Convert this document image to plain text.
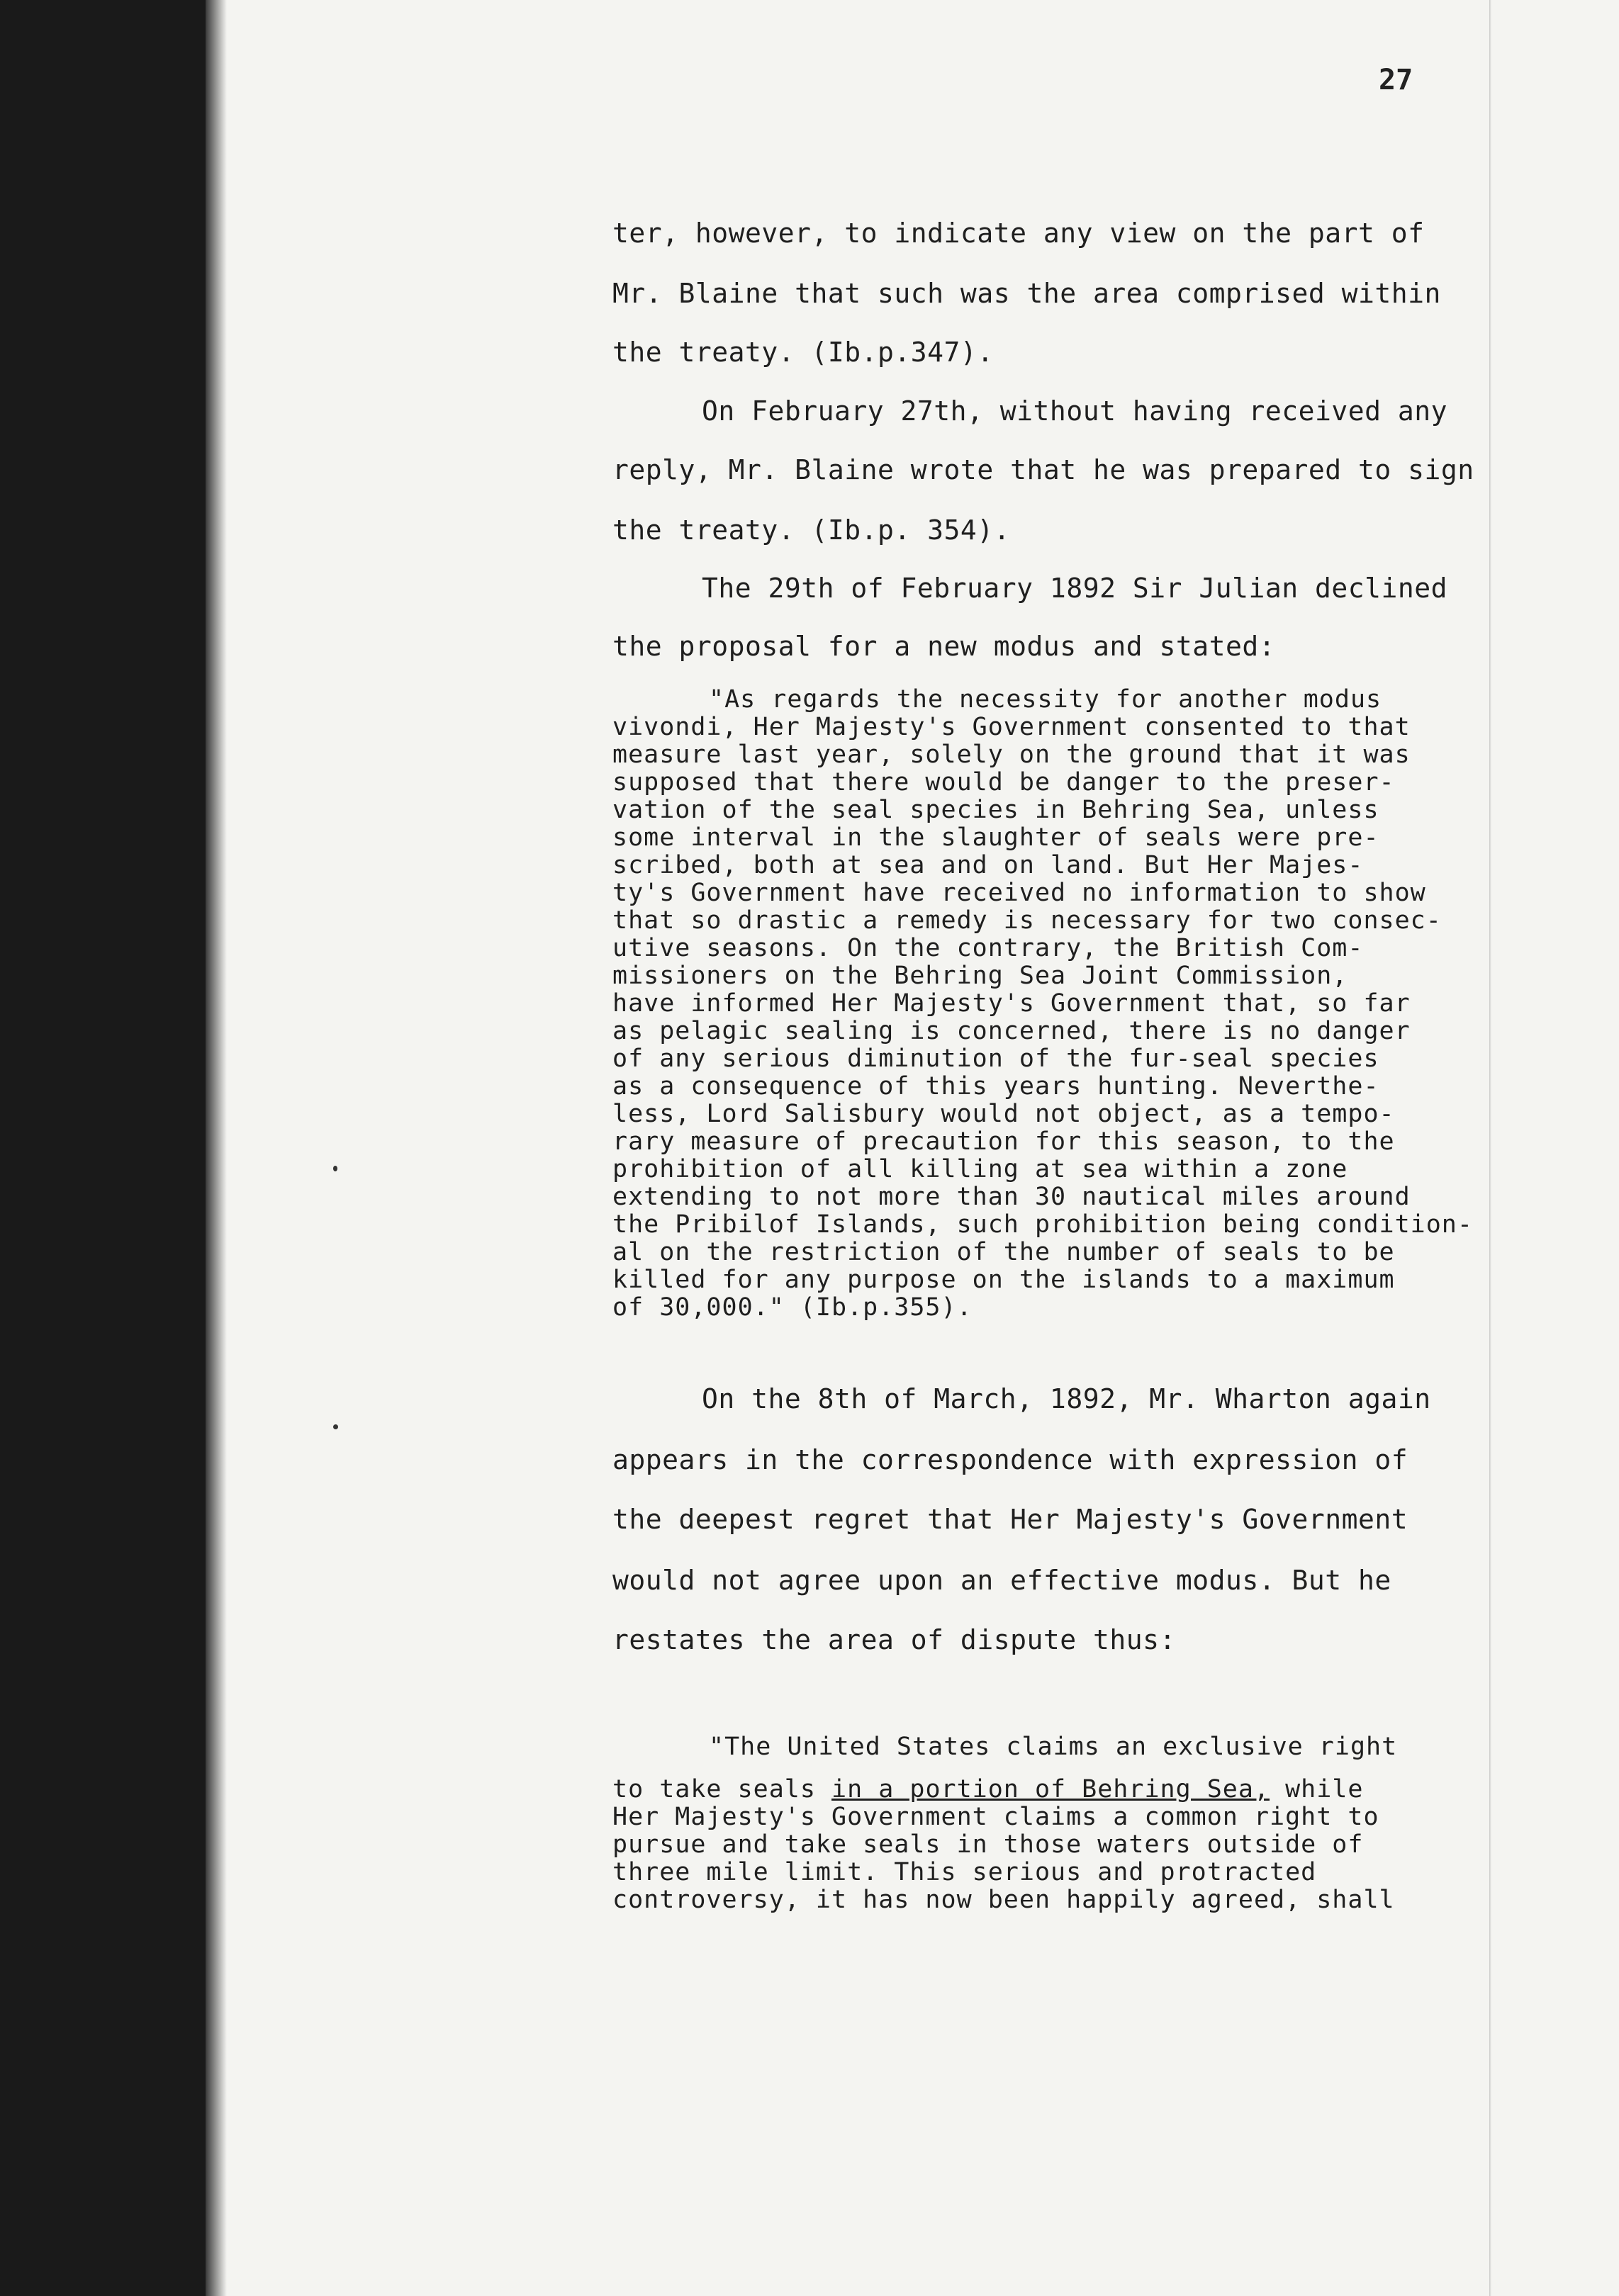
27
ter, however, to indicate any view on the part of
Mr. Blaine that such was the area comprised within
the treaty. (Ib.p.347).
On February 27th, without having received any
reply, Mr. Blaine wrote that he was prepared to sign
the treaty. (Ib.p. 354).
The 29th of February 1892 Sir Julian declined
the proposal for a new modus and stated:
"As regards the necessity for another modus
vivondi, Her Majesty's Government consented to that
measure last year, solely on the ground that it was
supposed that there would be danger to the preser-
vation of the seal species in Behring Sea, unless
some interval in the slaughter of seals were pre-
scribed, both at sea and on land. But Her Majes-
ty's Government have received no information to show
that so drastic a remedy is necessary for two consec-
utive seasons. On the contrary, the British Com-
missioners on the Behring Sea Joint Commission,
have informed Her Majesty's Government that, so far
as pelagic sealing is concerned, there is no danger
of any serious diminution of the fur-seal species
as a consequence of this years hunting. Neverthe-
less, Lord Salisbury would not object, as a tempo-
rary measure of precaution for this season, to the
prohibition of all killing at sea within a zone
extending to not more than 30 nautical miles around
the Pribilof Islands, such prohibition being condition-
al on the restriction of the number of seals to be
killed for any purpose on the islands to a maximum
of 30,000." (Ib.p.355).
On the 8th of March, 1892, Mr. Wharton again
appears in the correspondence with expression of
the deepest regret that Her Majesty's Government
would not agree upon an effective modus. But he
restates the area of dispute thus:
"The United States claims an exclusive right
to take seals in a portion of Behring Sea, while
Her Majesty's Government claims a common right to
pursue and take seals in those waters outside of
three mile limit. This serious and protracted
controversy, it has now been happily agreed, shall
